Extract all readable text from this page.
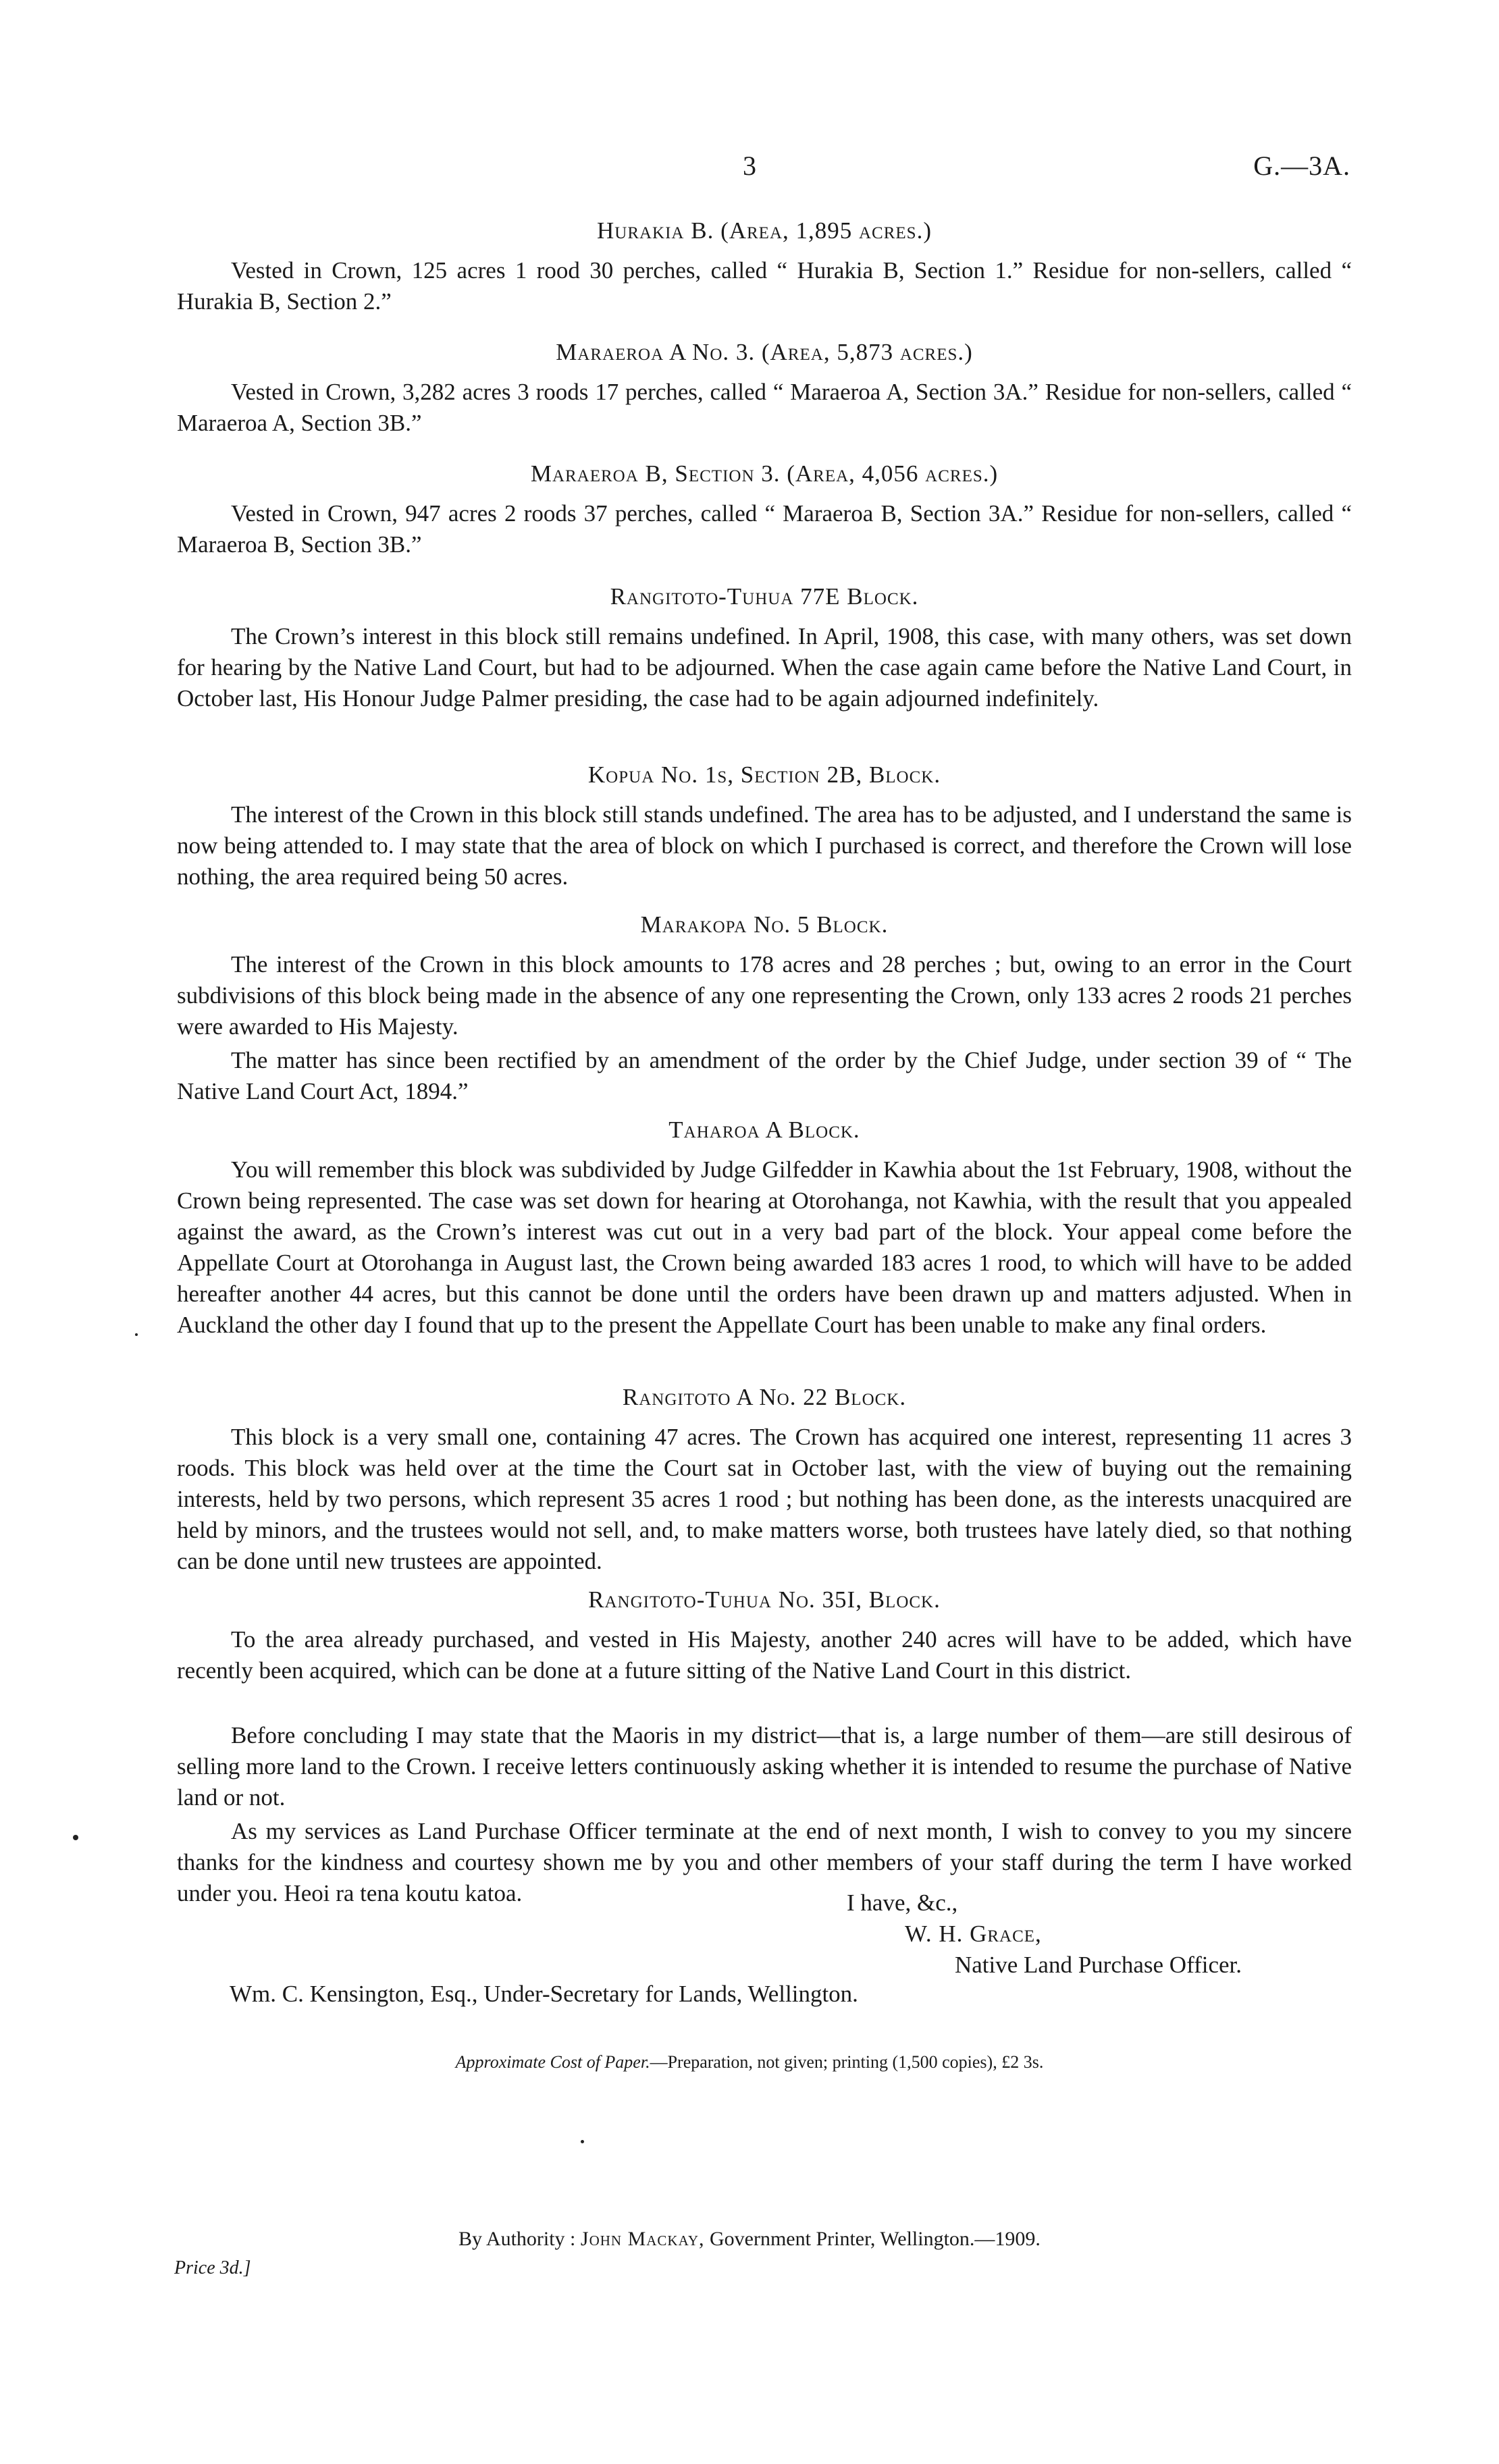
3	G.—3A.
Hurakia B. (Area, 1,895 acres.)

Vested in Crown, 125 acres 1 rood 30 perches, called “ Hurakia B, Section 1.” Residue for non-sellers, called “ Hurakia B, Section 2.”

Maraeroa A No. 3. (Area, 5,873 acres.)

Vested in Crown, 3,282 acres 3 roods 17 perches, called “ Maraeroa A, Section 3A.” Residue for non-sellers, called “ Maraeroa A, Section 3B.”

Maraeroa B, Section 3. (Area, 4,056 acres.)

Vested in Crown, 947 acres 2 roods 37 perches, called “ Maraeroa B, Section 3A.” Residue for non-sellers, called “ Maraeroa B, Section 3B.”

Rangitoto-Tuhua 77E Block.

The Crown’s interest in this block still remains undefined. In April, 1908, this case, with many others, was set down for hearing by the Native Land Court, but had to be adjourned. When the case again came before the Native Land Court, in October last, His Honour Judge Palmer presiding, the case had to be again adjourned indefinitely.

Kopua No. 1s, Section 2B, Block.

The interest of the Crown in this block still stands undefined. The area has to be adjusted, and I understand the same is now being attended to. I may state that the area of block on which I purchased is correct, and therefore the Crown will lose nothing, the area required being 50 acres.

Marakopa No. 5 Block.

The interest of the Crown in this block amounts to 178 acres and 28 perches ; but, owing to an error in the Court subdivisions of this block being made in the absence of any one representing the Crown, only 133 acres 2 roods 21 perches were awarded to His Majesty.

The matter has since been rectified by an amendment of the order by the Chief Judge, under section 39 of “ The Native Land Court Act, 1894.”

Taharoa A Block.

You will remember this block was subdivided by Judge Gilfedder in Kawhia about the 1st February, 1908, without the Crown being represented. The case was set down for hearing at Otorohanga, not Kawhia, with the result that you appealed against the award, as the Crown’s interest was cut out in a very bad part of the block. Your appeal come before the Appellate Court at Otorohanga in August last, the Crown being awarded 183 acres 1 rood, to which will have to be added hereafter another 44 acres, but this cannot be done until the orders have been drawn up and matters adjusted. When in Auckland the other day I found that up to the present the Appellate Court has been unable to make any final orders.

Rangitoto A No. 22 Block.

This block is a very small one, containing 47 acres. The Crown has acquired one interest, representing 11 acres 3 roods. This block was held over at the time the Court sat in October last, with the view of buying out the remaining interests, held by two persons, which represent 35 acres 1 rood ; but nothing has been done, as the interests unacquired are held by minors, and the trustees would not sell, and, to make matters worse, both trustees have lately died, so that nothing can be done until new trustees are appointed.

Rangitoto-Tuhua No. 35I, Block.

To the area already purchased, and vested in His Majesty, another 240 acres will have to be added, which have recently been acquired, which can be done at a future sitting of the Native Land Court in this district.

Before concluding I may state that the Maoris in my district—that is, a large number of them—are still desirous of selling more land to the Crown. I receive letters continuously asking whether it is intended to resume the purchase of Native land or not.

As my services as Land Purchase Officer terminate at the end of next month, I wish to convey to you my sincere thanks for the kindness and courtesy shown me by you and other members of your staff during the term I have worked under you. Heoi ra tena koutu katoa.	I have, &c.,
W. H. Grace,
Native Land Purchase Officer.
Wm. C. Kensington, Esq., Under-Secretary for Lands, Wellington.
Approximate Cost of Paper.—Preparation, not given; printing (1,500 copies), £2 3s.
By Authority : John Mackay, Government Printer, Wellington.—1909.
Price 3d.]
